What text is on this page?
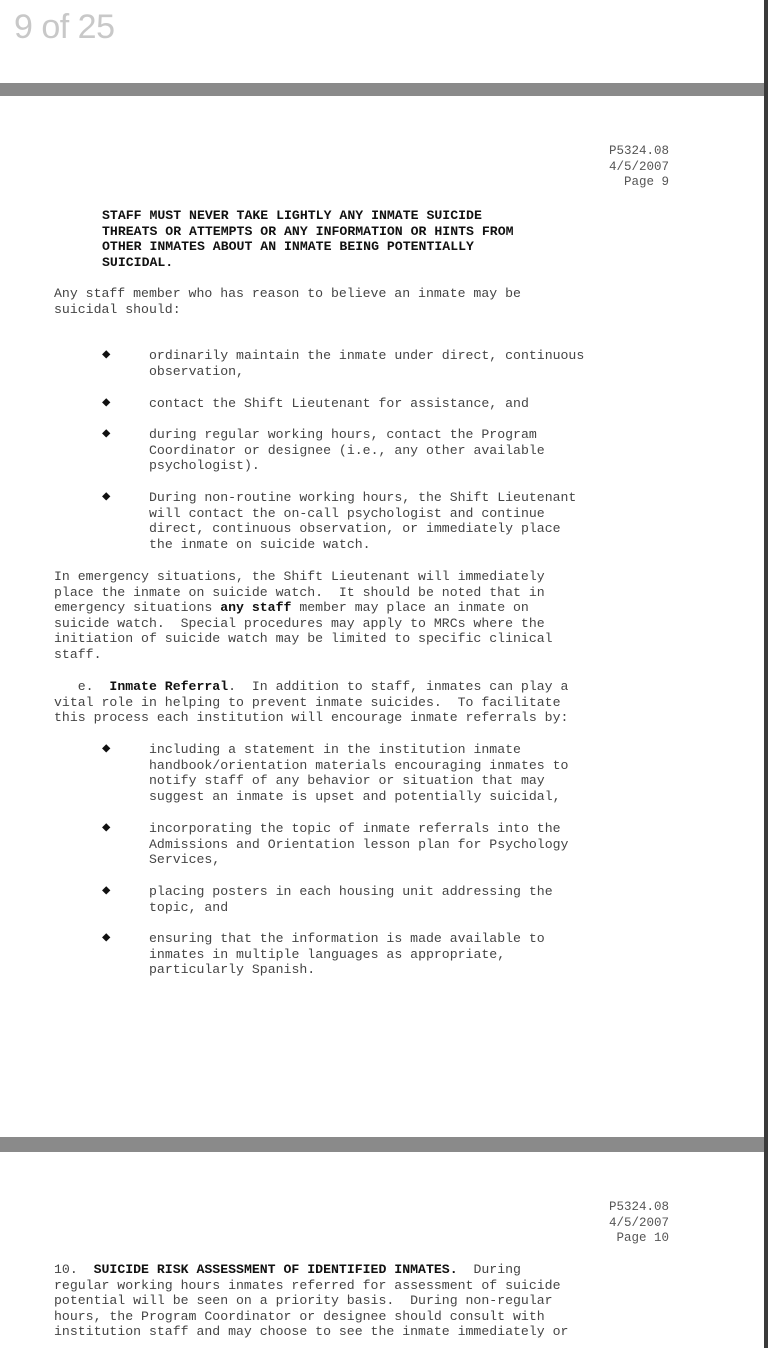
9 of 25
P5324.08
4/5/2007
Page 9

STAFF MUST NEVER TAKE LIGHTLY ANY INMATE SUICIDE
THREATS OR ATTEMPTS OR ANY INFORMATION OR HINTS FROM
OTHER INMATES ABOUT AN INMATE BEING POTENTIALLY
SUICIDAL.

Any staff member who has reason to believe an inmate may be
suicidal should:

◆	ordinarily maintain the inmate under direct, continuous
observation,

◆	contact the Shift Lieutenant for assistance, and

◆	during regular working hours, contact the Program
Coordinator or designee (i.e., any other available
psychologist).

◆	During non-routine working hours, the Shift Lieutenant
will contact the on-call psychologist and continue
direct, continuous observation, or immediately place
the inmate on suicide watch.

In emergency situations, the Shift Lieutenant will immediately
place the inmate on suicide watch.  It should be noted that in
emergency situations any staff member may place an inmate on
suicide watch.  Special procedures may apply to MRCs where the
initiation of suicide watch may be limited to specific clinical
staff.

e.  Inmate Referral.  In addition to staff, inmates can play a
vital role in helping to prevent inmate suicides.  To facilitate
this process each institution will encourage inmate referrals by:

◆	including a statement in the institution inmate
handbook/orientation materials encouraging inmates to
notify staff of any behavior or situation that may
suggest an inmate is upset and potentially suicidal,

◆	incorporating the topic of inmate referrals into the
Admissions and Orientation lesson plan for Psychology
Services,

◆	placing posters in each housing unit addressing the
topic, and

◆	ensuring that the information is made available to
inmates in multiple languages as appropriate,
particularly Spanish.

P5324.08
4/5/2007
Page 10

10.  SUICIDE RISK ASSESSMENT OF IDENTIFIED INMATES.  During
regular working hours inmates referred for assessment of suicide
potential will be seen on a priority basis.  During non-regular
hours, the Program Coordinator or designee should consult with
institution staff and may choose to see the inmate immediately or
